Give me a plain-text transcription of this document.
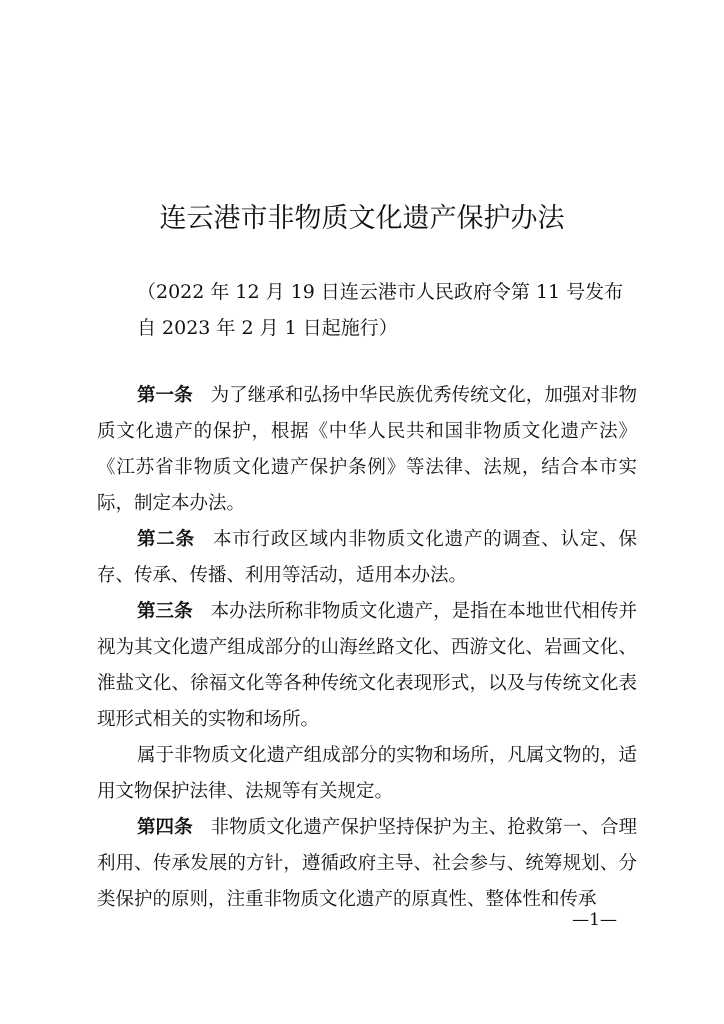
连云港市非物质文化遗产保护办法

（2022 年 12 月 19 日连云港市人民政府令第 11 号发布
自 2023 年 2 月 1 日起施行）

第一条 为了继承和弘扬中华民族优秀传统文化，加强对非物质文化遗产的保护，根据《中华人民共和国非物质文化遗产法》《江苏省非物质文化遗产保护条例》等法律、法规，结合本市实际，制定本办法。

第二条 本市行政区域内非物质文化遗产的调查、认定、保存、传承、传播、利用等活动，适用本办法。

第三条 本办法所称非物质文化遗产，是指在本地世代相传并视为其文化遗产组成部分的山海丝路文化、西游文化、岩画文化、淮盐文化、徐福文化等各种传统文化表现形式，以及与传统文化表现形式相关的实物和场所。

属于非物质文化遗产组成部分的实物和场所，凡属文物的，适用文物保护法律、法规等有关规定。

第四条 非物质文化遗产保护坚持保护为主、抢救第一、合理利用、传承发展的方针，遵循政府主导、社会参与、统筹规划、分类保护的原则，注重非物质文化遗产的原真性、整体性和传承

—1—
